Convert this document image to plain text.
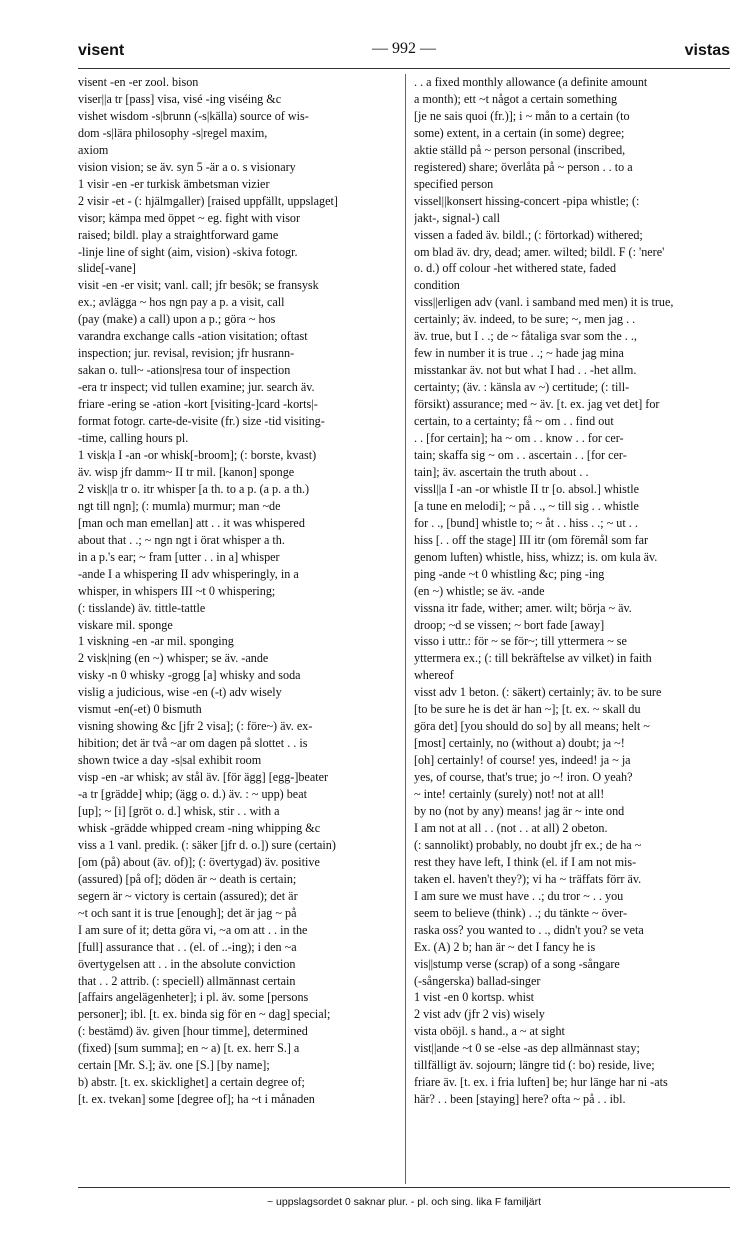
visent	— 992 —	vistas
visent -en -er zool. bison
viser||a tr [pass] visa, visé -ing viséing &c
vishet wisdom -s|brunn (-s|källa) source of wis-
dom -s|lära philosophy -s|regel maxim,
axiom
vision vision; se äv. syn 5 -är a o. s visionary
1 visir -en -er turkisk ämbetsman vizier
2 visir -et - (: hjälmgaller) [raised uppfällt, uppslaget]
visor; kämpa med öppet ~ eg. fight with visor
raised; bildl. play a straightforward game
-linje line of sight (aim, vision) -skiva fotogr.
slide[-vane]
visit -en -er visit; vanl. call; jfr besök; se fransysk
ex.; avlägga ~ hos ngn pay a p. a visit, call
(pay (make) a call) upon a p.; göra ~ hos
varandra exchange calls -ation visitation; oftast
inspection; jur. revisal, revision; jfr husrann-
sakan o. tull~ -ations|resa tour of inspection
-era tr inspect; vid tullen examine; jur. search äv.
friare -ering se -ation -kort [visiting-]card -korts|-
format fotogr. carte-de-visite (fr.) size -tid visiting-
-time, calling hours pl.
1 visk|a I -an -or whisk[-broom]; (: borste, kvast)
äv. wisp jfr damm~ II tr mil. [kanon] sponge
2 visk||a tr o. itr whisper [a th. to a p. (a p. a th.)
ngt till ngn]; (: mumla) murmur; man ~de
[man och man emellan] att . . it was whispered
about that . .; ~ ngn ngt i örat whisper a th.
in a p.'s ear; ~ fram [utter . . in a] whisper
-ande I a whispering II adv whisperingly, in a
whisper, in whispers III ~t 0 whispering;
(: tisslande) äv. tittle-tattle
viskare mil. sponge
1 viskning -en -ar mil. sponging
2 visk|ning (en ~) whisper; se äv. -ande
visky -n 0 whisky -grogg [a] whisky and soda
vislig a judicious, wise -en (-t) adv wisely
vismut -en(-et) 0 bismuth
visning showing &c [jfr 2 visa]; (: före~) äv. ex-
hibition; det är två ~ar om dagen på slottet . . is
shown twice a day -s|sal exhibit room
visp -en -ar whisk; av stål äv. [för ägg] [egg-]beater
-a tr [grädde] whip; (ägg o. d.) äv. : ~ upp) beat
[up]; ~ [i] [gröt o. d.] whisk, stir . . with a
whisk -grädde whipped cream -ning whipping &c
viss a 1 vanl. predik. (: säker [jfr d. o.]) sure (certain)
[om (på) about (äv. of)]; (: övertygad) äv. positive
(assured) [på of]; döden är ~ death is certain;
segern är ~ victory is certain (assured); det är
~t och sant it is true [enough]; det är jag ~ på
I am sure of it; detta göra vi, ~a om att . . in the
[full] assurance that . . (el. of ..-ing); i den ~a
övertygelsen att . . in the absolute conviction
that . . 2 attrib. (: speciell) allmännast certain
[affairs angelägenheter]; i pl. äv. some [persons
personer]; ibl. [t. ex. binda sig för en ~ dag] special;
(: bestämd) äv. given [hour timme], determined
(fixed) [sum summa]; en ~ a) [t. ex. herr S.] a
certain [Mr. S.]; äv. one [S.] [by name];
b) abstr. [t. ex. skicklighet] a certain degree of;
[t. ex. tvekan] some [degree of]; ha ~t i månaden
. . a fixed monthly allowance (a definite amount
a month); ett ~t något a certain something
[je ne sais quoi (fr.)]; i ~ mån to a certain (to
some) extent, in a certain (in some) degree;
aktie ställd på ~ person personal (inscribed,
registered) share; överlåta på ~ person . . to a
specified person
vissel||konsert hissing-concert -pipa whistle; (:
jakt-, signal-) call
vissen a faded äv. bildl.; (: förtorkad) withered;
om blad äv. dry, dead; amer. wilted; bildl. F (: 'nere'
o. d.) off colour -het withered state, faded
condition
viss||erligen adv (vanl. i samband med men) it is true,
certainly; äv. indeed, to be sure; ~, men jag . .
äv. true, but I . .; de ~ fåtaliga svar som the . .,
few in number it is true . .; ~ hade jag mina
misstankar äv. not but what I had . . -het allm.
certainty; (äv. : känsla av ~) certitude; (: till-
försikt) assurance; med ~ äv. [t. ex. jag vet det] for
certain, to a certainty; få ~ om . . find out
. . [for certain]; ha ~ om . . know . . for cer-
tain; skaffa sig ~ om . . ascertain . . [for cer-
tain]; äv. ascertain the truth about . .
vissl||a I -an -or whistle II tr [o. absol.] whistle
[a tune en melodi]; ~ på . ., ~ till sig . . whistle
for . ., [bund] whistle to; ~ åt . . hiss . .; ~ ut . .
hiss [. . off the stage] III itr (om föremål som far
genom luften) whistle, hiss, whizz; is. om kula äv.
ping -ande ~t 0 whistling &c; ping -ing
(en ~) whistle; se äv. -ande
vissna itr fade, wither; amer. wilt; börja ~ äv.
droop; ~d se vissen; ~ bort fade [away]
visso i uttr.: för ~ se för~; till yttermera ~ se
yttermera ex.; (: till bekräftelse av vilket) in faith
whereof
visst adv 1 beton. (: säkert) certainly; äv. to be sure
[to be sure he is det är han ~]; [t. ex. ~ skall du
göra det] [you should do so] by all means; helt ~
[most] certainly, no (without a) doubt; ja ~!
[oh] certainly! of course! yes, indeed! ja ~ ja
yes, of course, that's true; jo ~! iron. O yeah?
~ inte! certainly (surely) not! not at all!
by no (not by any) means! jag är ~ inte ond
I am not at all . . (not . . at all) 2 obeton.
(: sannolikt) probably, no doubt jfr ex.; de ha ~
rest they have left, I think (el. if I am not mis-
taken el. haven't they?); vi ha ~ träffats förr äv.
I am sure we must have . .; du tror ~ . . you
seem to believe (think) . .; du tänkte ~ över-
raska oss? you wanted to . ., didn't you? se veta
Ex. (A) 2 b; han är ~ det I fancy he is
vis||stump verse (scrap) of a song -sångare
(-sångerska) ballad-singer
1 vist -en 0 kortsp. whist
2 vist adv (jfr 2 vis) wisely
vista oböjl. s hand., a ~ at sight
vist||ande ~t 0 se -else -as dep allmännast stay;
tillfälligt äv. sojourn; längre tid (: bo) reside, live;
friare äv. [t. ex. i fria luften] be; hur länge har ni -ats
här? . . been [staying] here? ofta ~ på . . ibl.
~ uppslagsordet 0 saknar plur. - pl. och sing. lika F familjärt
